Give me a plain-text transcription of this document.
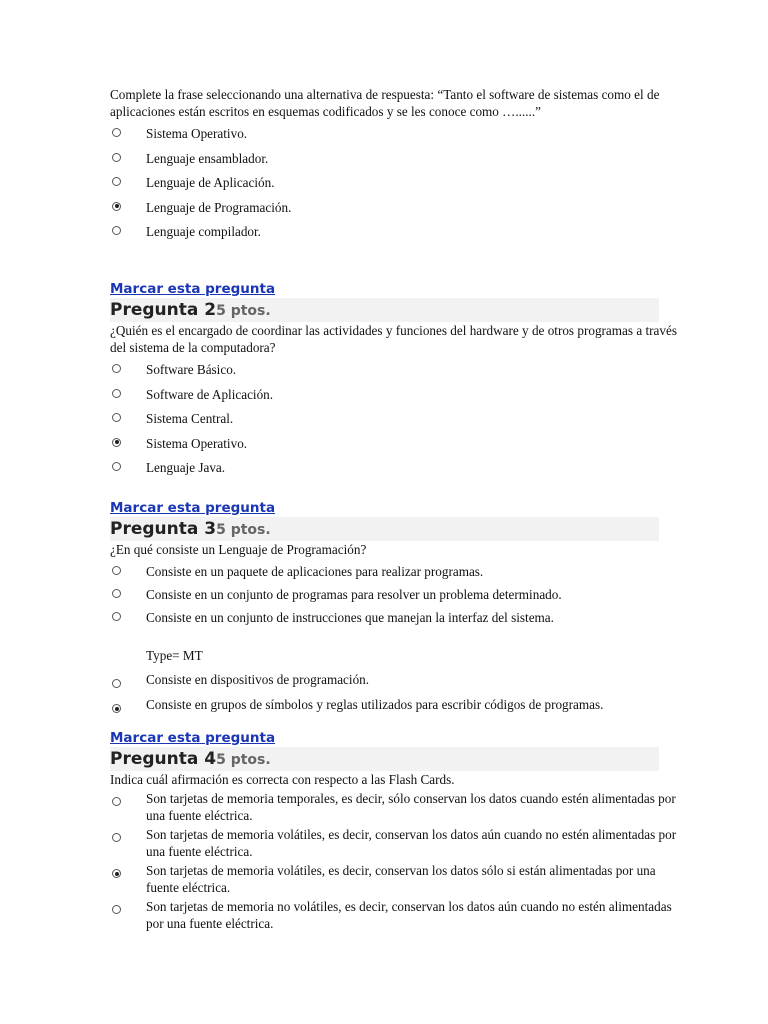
Complete la frase seleccionando una alternativa de respuesta: “Tanto el software de sistemas como el de aplicaciones están escritos en esquemas codificados y se les conoce como …......”

Sistema Operativo.
Lenguaje ensamblador.
Lenguaje de Aplicación.
Lenguaje de Programación.
Lenguaje compilador.
Marcar esta pregunta
Pregunta 25 ptos.

¿Quién es el encargado de coordinar las actividades y funciones del hardware y de otros programas a través del sistema de la computadora?

Software Básico.
Software de Aplicación.
Sistema Central.
Sistema Operativo.
Lenguaje Java.
Marcar esta pregunta
Pregunta 35 ptos.

¿En qué consiste un Lenguaje de Programación?

Consiste en un paquete de aplicaciones para realizar programas.
Consiste en un conjunto de programas para resolver un problema determinado.
Consiste en un conjunto de instrucciones que manejan la interfaz del sistema.
Type= MT
Consiste en dispositivos de programación.
Consiste en grupos de símbolos y reglas utilizados para escribir códigos de programas.
Marcar esta pregunta
Pregunta 45 ptos.

Indica cuál afirmación es correcta con respecto a las Flash Cards.

Son tarjetas de memoria temporales, es decir, sólo conservan los datos cuando estén alimentadas por una fuente eléctrica.
Son tarjetas de memoria volátiles, es decir, conservan los datos aún cuando no estén alimentadas por una fuente eléctrica.
Son tarjetas de memoria volátiles, es decir, conservan los datos sólo si están alimentadas por una fuente eléctrica.
Son tarjetas de memoria no volátiles, es decir, conservan los datos aún cuando no estén alimentadas por una fuente eléctrica.
